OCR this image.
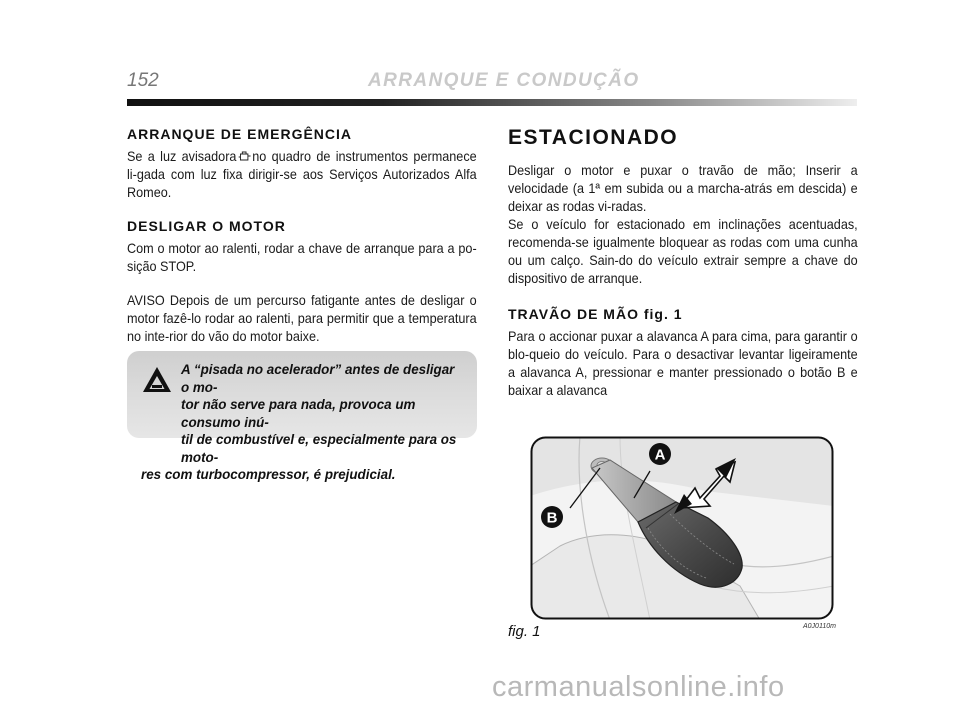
152	ARRANQUE E CONDUÇÃO
ARRANQUE DE EMERGÊNCIA

Se a luz avisadora no quadro de instrumentos permanece li-gada com luz fixa dirigir-se aos Serviços Autorizados Alfa Romeo.

DESLIGAR O MOTOR

Com o motor ao ralenti, rodar a chave de arranque para a po-sição STOP.

AVISO Depois de um percurso fatigante antes de desligar o motor fazê-lo rodar ao ralenti, para permitir que a temperatura no inte-rior do vão do motor baixe.

A “pisada no acelerador” antes de desligar o mo-
tor não serve para nada, provoca um consumo inú-
til de combustível e, especialmente para os moto-
res com turbocompressor, é prejudicial.
ESTACIONADO

Desligar o motor e puxar o travão de mão; Inserir a velocidade (a 1ª em subida ou a marcha-atrás em descida) e deixar as rodas vi-radas.

Se o veículo for estacionado em inclinações acentuadas, recomenda-se igualmente bloquear as rodas com uma cunha ou um calço. Sain-do do veículo extrair sempre a chave do dispositivo de arranque.

TRAVÃO DE MÃO fig. 1

Para o accionar puxar a alavanca A para cima, para garantir o blo-queio do veículo. Para o desactivar levantar ligeiramente a alavanca A, pressionar e manter pressionado o botão B e baixar a alavanca

A
B
fig. 1	A0J0110m
carmanualsonline.info
